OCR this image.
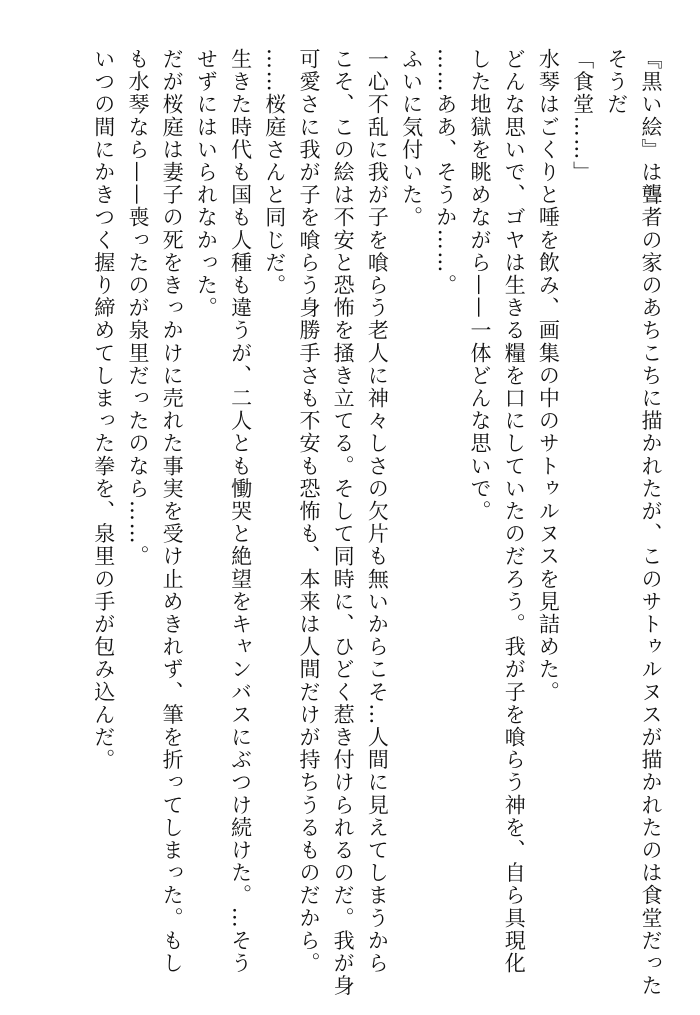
『黒い絵』は聾者の家のあちこちに描かれたが、このサトゥルヌスが描かれたのは食堂だった
そうだ
「食堂……」
水琴はごくりと唾を飲み、画集の中のサトゥルヌスを見詰めた。
どんな思いで、ゴヤは生きる糧を口にしていたのだろう。我が子を喰らう神を、自ら具現化
した地獄を眺めながら——一体どんな思いで。
……ああ、そうか……。
ふいに気付いた。
一心不乱に我が子を喰らう老人に神々しさの欠片も無いからこそ…人間に見えてしまうから
こそ、この絵は不安と恐怖を掻き立てる。そして同時に、ひどく惹き付けられるのだ。我が身
可愛さに我が子を喰らう身勝手さも不安も恐怖も、本来は人間だけが持ちうるものだから。
……桜庭さんと同じだ。
生きた時代も国も人種も違うが、二人とも慟哭と絶望をキャンバスにぶつけ続けた。…そう
せずにはいられなかった。
だが桜庭は妻子の死をきっかけに売れた事実を受け止めきれず、筆を折ってしまった。もし
も水琴なら——喪ったのが泉里だったのなら……。
いつの間にかきつく握り締めてしまった拳を、泉里の手が包み込んだ。
